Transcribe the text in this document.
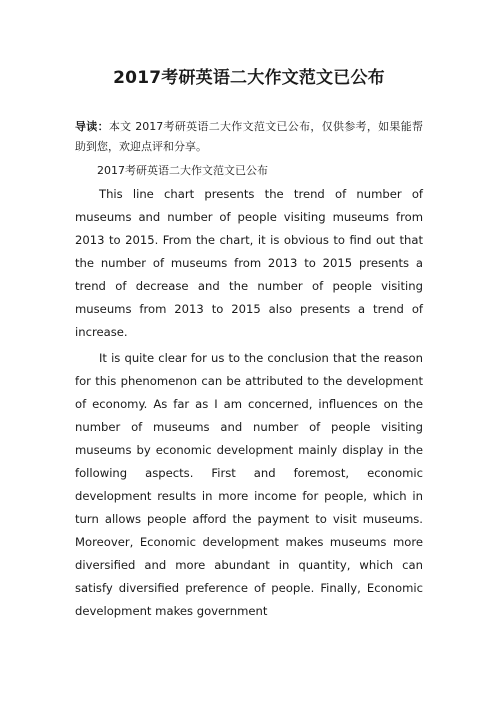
2017考研英语二大作文范文已公布

导读：本文 2017考研英语二大作文范文已公布，仅供参考，如果能帮助到您，欢迎点评和分享。

2017考研英语二大作文范文已公布

This line chart presents the trend of number of museums and number of people visiting museums from 2013 to 2015. From the chart, it is obvious to find out that the number of museums from 2013 to 2015 presents a trend of decrease and the number of people visiting museums from 2013 to 2015 also presents a trend of increase.

It is quite clear for us to the conclusion that the reason for this phenomenon can be attributed to the development of economy. As far as I am concerned, influences on the number of museums and number of people visiting museums by economic development mainly display in the following aspects. First and foremost, economic development results in more income for people, which in turn allows people afford the payment to visit museums. Moreover, Economic development makes museums more diversified and more abundant in quantity, which can satisfy diversified preference of people. Finally, Economic development makes government
